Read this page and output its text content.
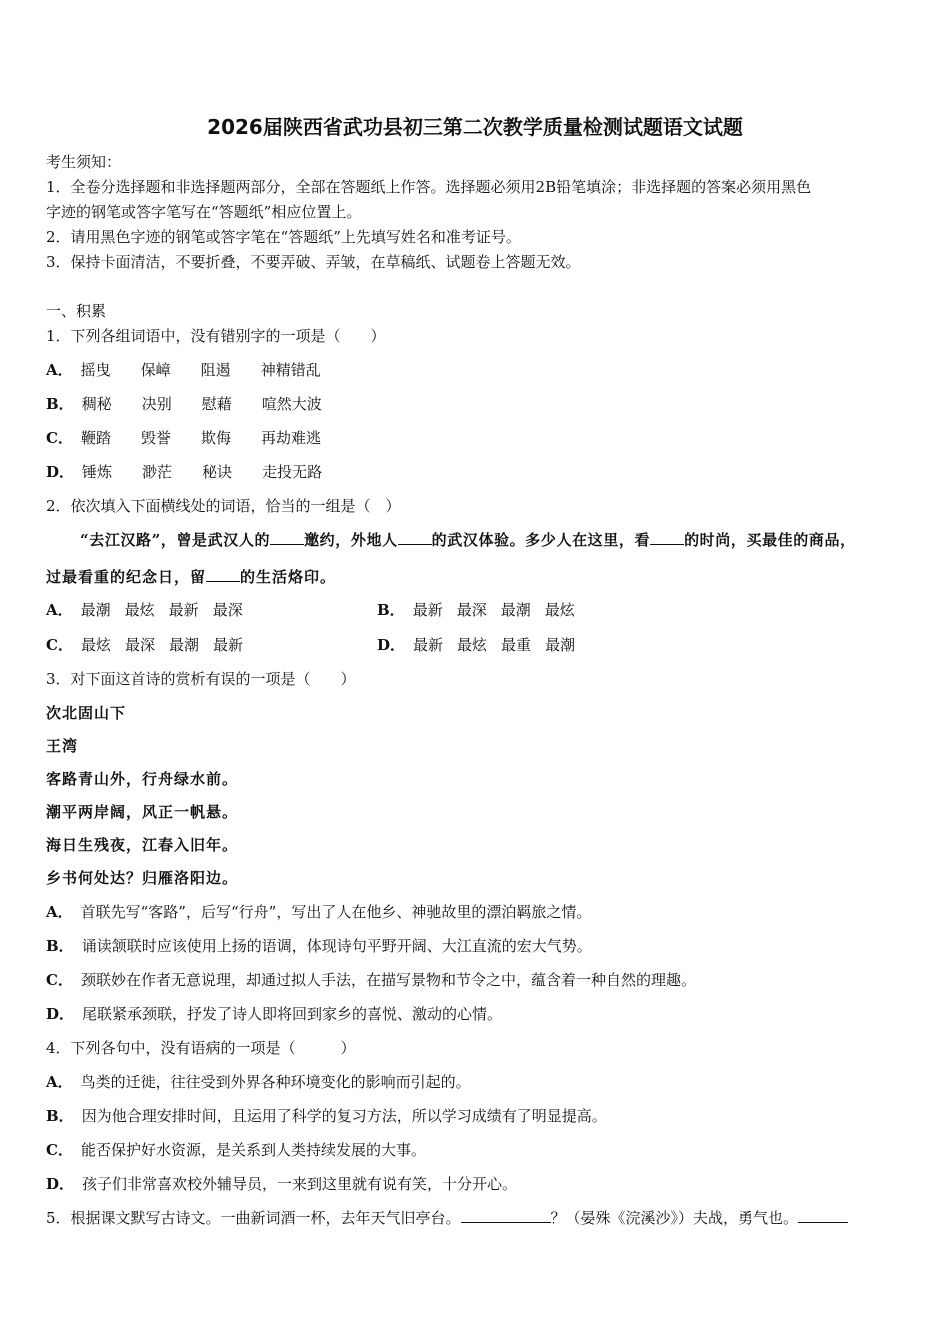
2026届陕西省武功县初三第二次教学质量检测试题语文试题
考生须知：
1．全卷分选择题和非选择题两部分，全部在答题纸上作答。选择题必须用2B铅笔填涂；非选择题的答案必须用黑色
字迹的钢笔或答字笔写在“答题纸”相应位置上。
2．请用黑色字迹的钢笔或答字笔在“答题纸”上先填写姓名和准考证号。
3．保持卡面清洁，不要折叠，不要弄破、弄皱，在草稿纸、试题卷上答题无效。
一、积累
1．下列各组词语中，没有错别字的一项是（　　）
A． 摇曳 保嶂 阻遏 神精错乱
B． 稠秘 决别 慰藉 喧然大波
C． 鞭踏 毁誉 欺侮 再劫难逃
D． 锤炼 渺茫 秘诀 走投无路
2．依次填入下面横线处的词语，恰当的一组是（　）
“去江汉路”，曾是武汉人的 邀约，外地人 的武汉体验。多少人在这里，看 的时尚，买最佳的商品，
过最看重的纪念日，留 的生活烙印。
A． 最潮 最炫 最新 最深	B． 最新 最深 最潮 最炫
C． 最炫 最深 最潮 最新	D． 最新 最炫 最重 最潮
3．对下面这首诗的赏析有误的一项是（　　）
次北固山下
王湾
客路青山外，行舟绿水前。
潮平两岸阔，风正一帆悬。
海日生残夜，江春入旧年。
乡书何处达？归雁洛阳边。
A． 首联先写“客路”，后写“行舟”，写出了人在他乡、神驰故里的漂泊羁旅之情。
B． 诵读颔联时应该使用上扬的语调，体现诗句平野开阔、大江直流的宏大气势。
C． 颈联妙在作者无意说理，却通过拟人手法，在描写景物和节令之中，蕴含着一种自然的理趣。
D． 尾联紧承颈联，抒发了诗人即将回到家乡的喜悦、激动的心情。
4．下列各句中，没有语病的一项是（　　　）
A． 鸟类的迁徙，往往受到外界各种环境变化的影响而引起的。
B． 因为他合理安排时间，且运用了科学的复习方法，所以学习成绩有了明显提高。
C． 能否保护好水资源，是关系到人类持续发展的大事。
D． 孩子们非常喜欢校外辅导员，一来到这里就有说有笑，十分开心。
5．根据课文默写古诗文。一曲新词酒一杯，去年天气旧亭台。	？（晏殊《浣溪沙》）夫战，勇气也。
